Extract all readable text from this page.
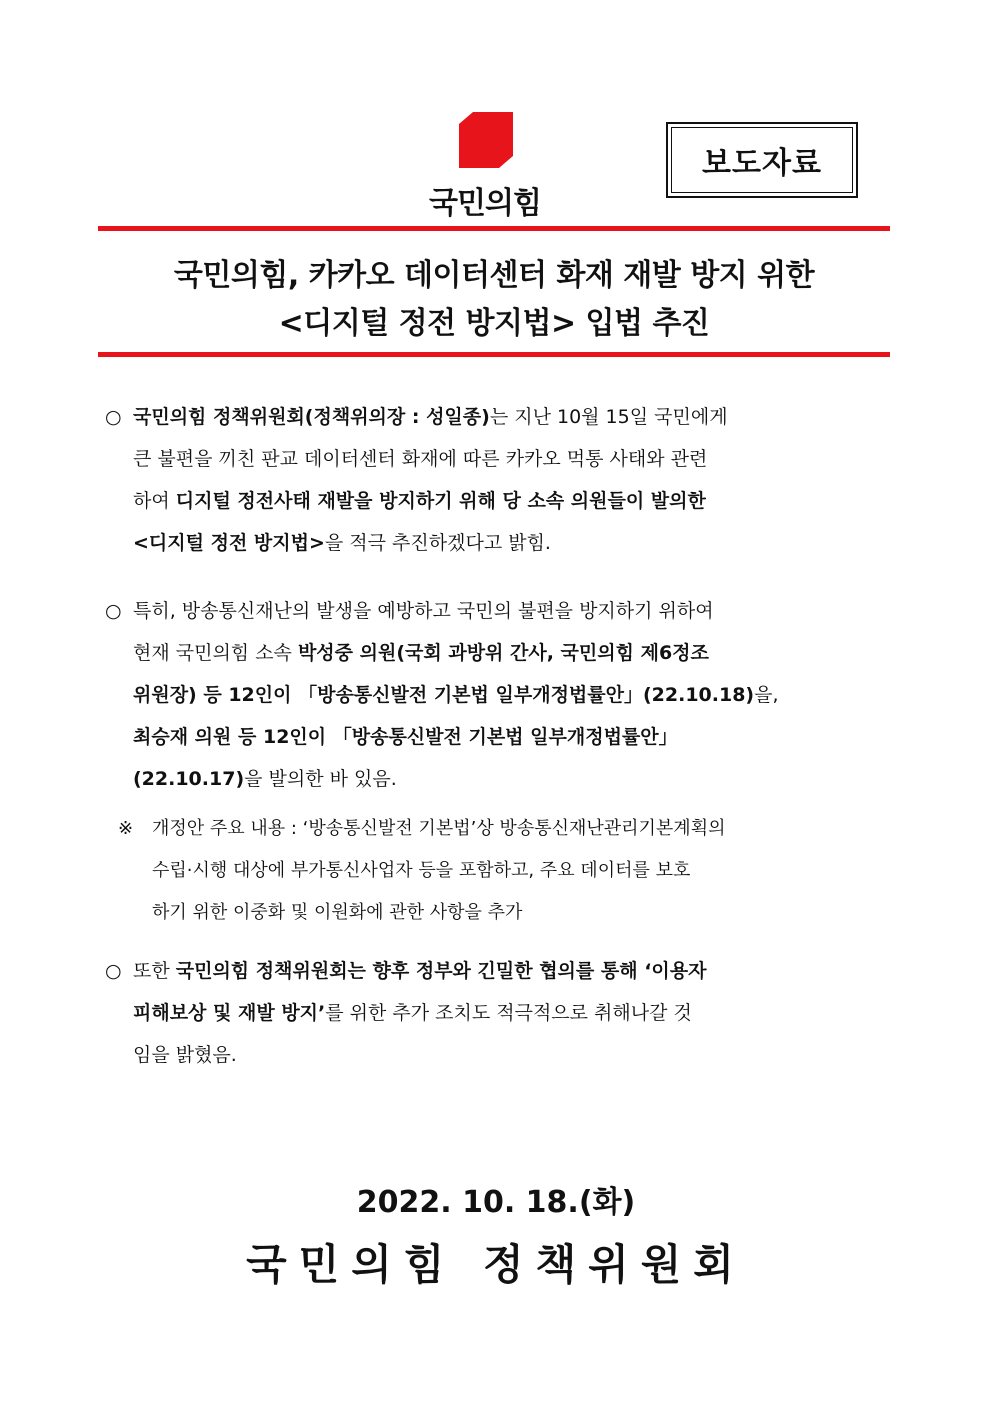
국민의힘
보도자료
국민의힘, 카카오 데이터센터 화재 재발 방지 위한
<디지털 정전 방지법> 입법 추진
○ 국민의힘 정책위원회(정책위의장 : 성일종)는 지난 10월 15일 국민에게
큰 불편을 끼친 판교 데이터센터 화재에 따른 카카오 먹통 사태와 관련
하여 디지털 정전사태 재발을 방지하기 위해 당 소속 의원들이 발의한
<디지털 정전 방지법>을 적극 추진하겠다고 밝힘.
○ 특히, 방송통신재난의 발생을 예방하고 국민의 불편을 방지하기 위하여
현재 국민의힘 소속 박성중 의원(국회 과방위 간사, 국민의힘 제6정조
위원장) 등 12인이 「방송통신발전 기본법 일부개정법률안」(22.10.18)을,
최승재 의원 등 12인이 「방송통신발전 기본법 일부개정법률안」
(22.10.17)을 발의한 바 있음.
※ 개정안 주요 내용 : ‘방송통신발전 기본법’상 방송통신재난관리기본계획의
수립·시행 대상에 부가통신사업자 등을 포함하고, 주요 데이터를 보호
하기 위한 이중화 및 이원화에 관한 사항을 추가
○ 또한 국민의힘 정책위원회는 향후 정부와 긴밀한 협의를 통해 ‘이용자
피해보상 및 재발 방지’를 위한 추가 조치도 적극적으로 취해나갈 것
임을 밝혔음.
2022. 10. 18.(화)
국민의힘 정책위원회
